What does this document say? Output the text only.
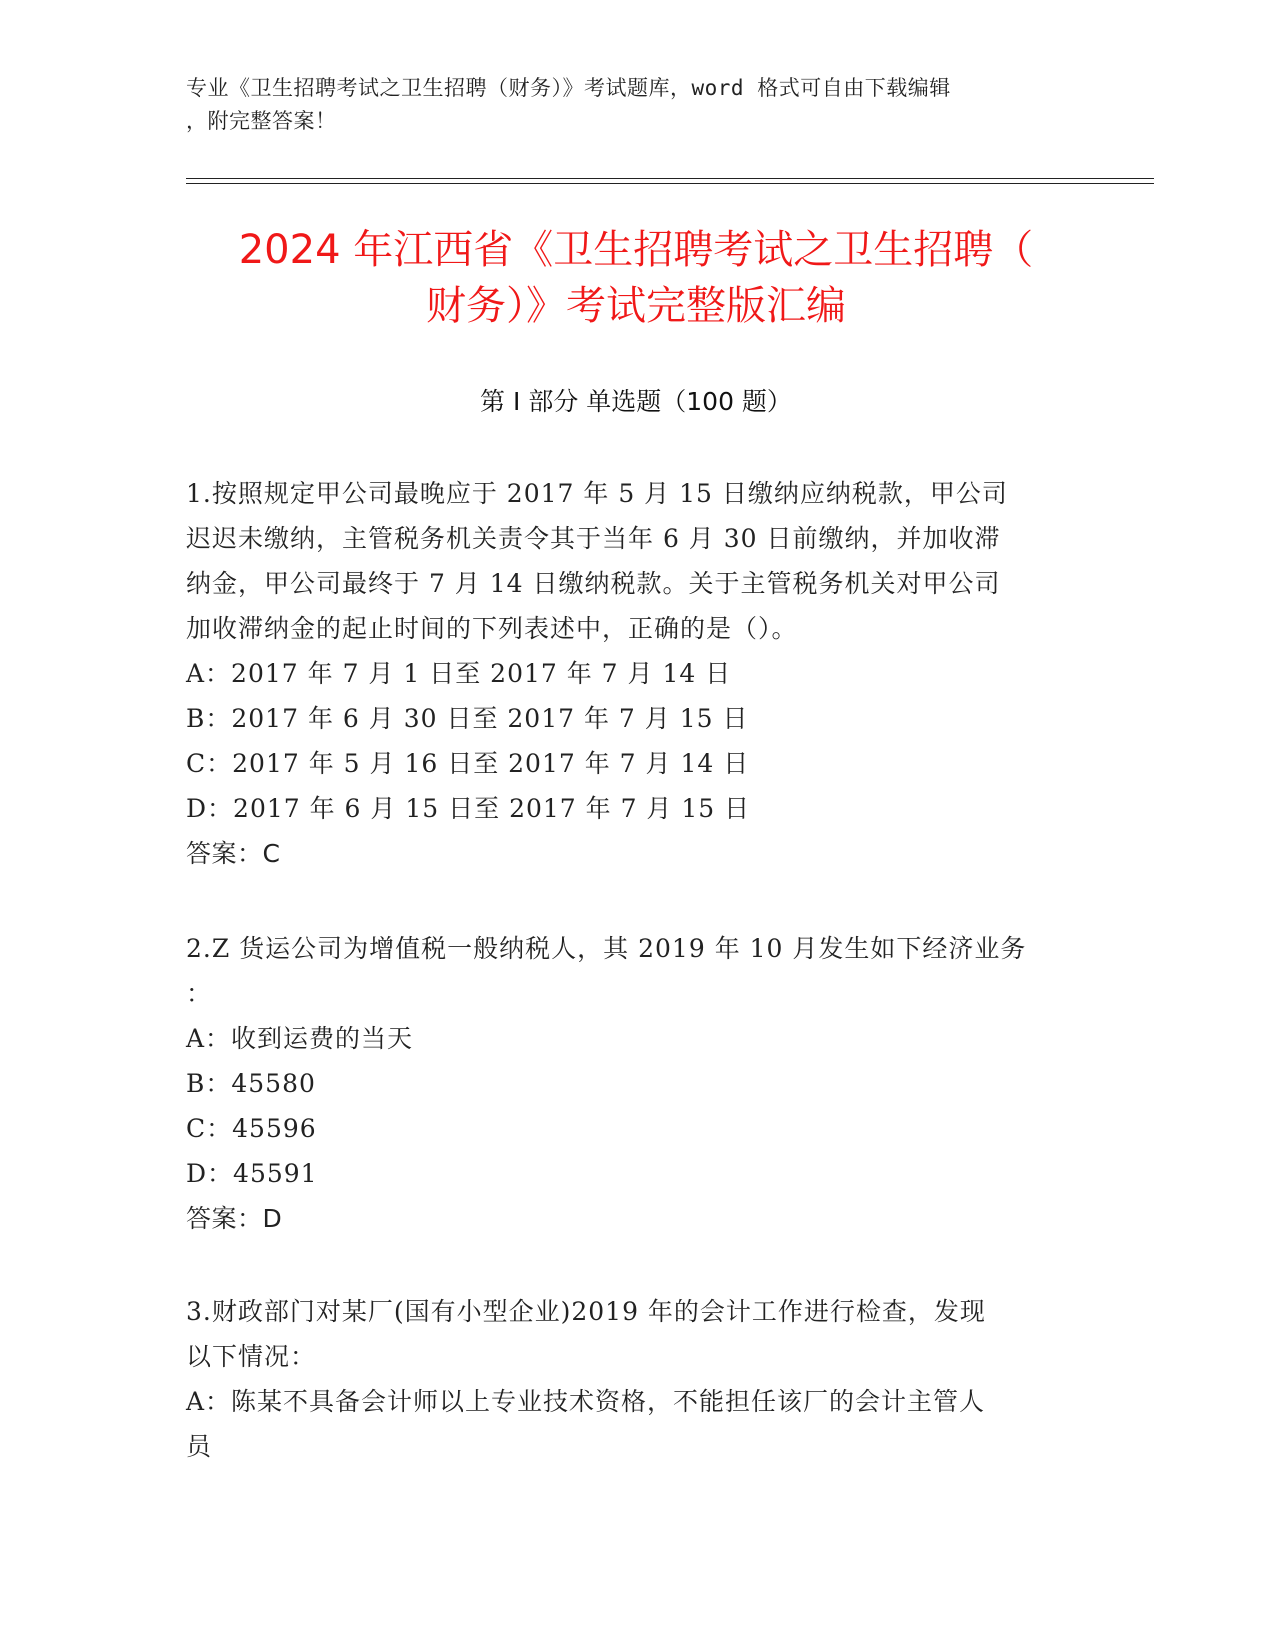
专业《卫生招聘考试之卫生招聘（财务）》考试题库，word 格式可自由下载编辑
，附完整答案！
2024 年江西省《卫生招聘考试之卫生招聘（
财务）》考试完整版汇编
第 I 部分 单选题（100 题）

1.按照规定甲公司最晚应于 2017 年 5 月 15 日缴纳应纳税款，甲公司

迟迟未缴纳，主管税务机关责令其于当年 6 月 30 日前缴纳，并加收滞

纳金，甲公司最终于 7 月 14 日缴纳税款。关于主管税务机关对甲公司

加收滞纳金的起止时间的下列表述中，正确的是（）。

A：2017 年 7 月 1 日至 2017 年 7 月 14 日

B：2017 年 6 月 30 日至 2017 年 7 月 15 日

C：2017 年 5 月 16 日至 2017 年 7 月 14 日

D：2017 年 6 月 15 日至 2017 年 7 月 15 日

答案：C

2.Z 货运公司为增值税一般纳税人，其 2019 年 10 月发生如下经济业务

：

A：收到运费的当天

B：45580

C：45596

D：45591

答案：D

3.财政部门对某厂(国有小型企业)2019 年的会计工作进行检查，发现

以下情况：

A：陈某不具备会计师以上专业技术资格，不能担任该厂的会计主管人

员
